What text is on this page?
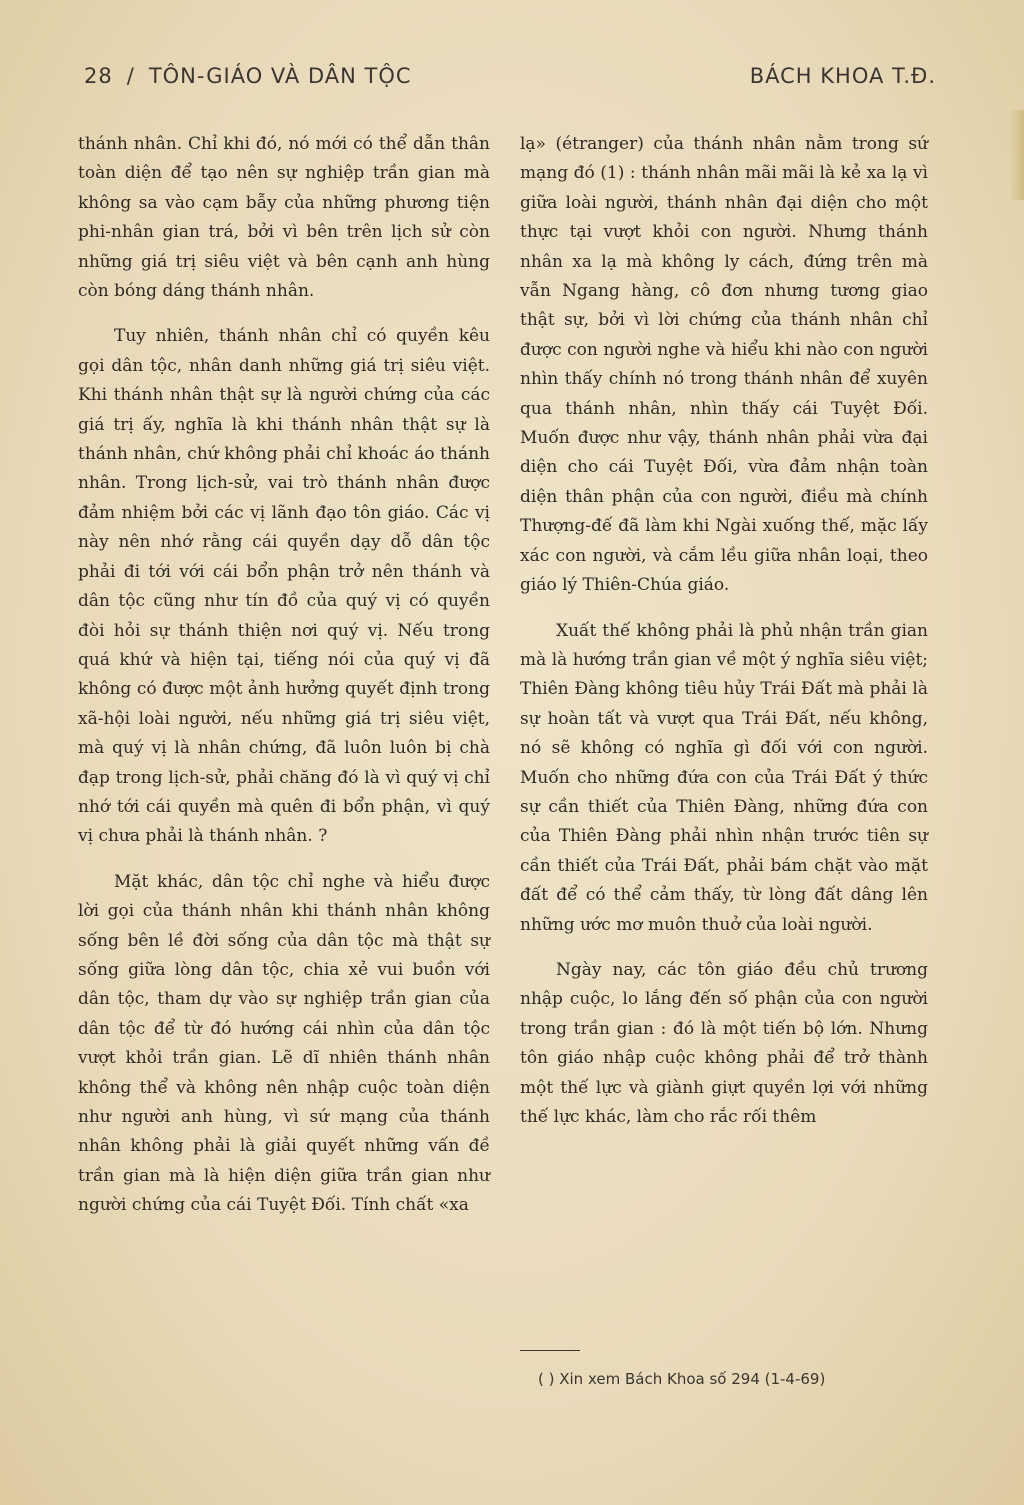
28 / TÔN-GIÁO VÀ DÂN TỘC	BÁCH KHOA T.Đ.

thánh nhân. Chỉ khi đó, nó mới có thể dẫn thân toàn diện để tạo nên sự nghiệp trần gian mà không sa vào cạm bẫy của những phương tiện phi-nhân gian trá, bởi vì bên trên lịch sử còn những giá trị siêu việt và bên cạnh anh hùng còn bóng dáng thánh nhân.

Tuy nhiên, thánh nhân chỉ có quyền kêu gọi dân tộc, nhân danh những giá trị siêu việt. Khi thánh nhân thật sự là người chứng của các giá trị ấy, nghĩa là khi thánh nhân thật sự là thánh nhân, chứ không phải chỉ khoác áo thánh nhân. Trong lịch-sử, vai trò thánh nhân được đảm nhiệm bởi các vị lãnh đạo tôn giáo. Các vị này nên nhớ rằng cái quyền dạy dỗ dân tộc phải đi tới với cái bổn phận trở nên thánh và dân tộc cũng như tín đồ của quý vị có quyền đòi hỏi sự thánh thiện nơi quý vị. Nếu trong quá khứ và hiện tại, tiếng nói của quý vị đã không có được một ảnh hưởng quyết định trong xã-hội loài người, nếu những giá trị siêu việt, mà quý vị là nhân chứng, đã luôn luôn bị chà đạp trong lịch-sử, phải chăng đó là vì quý vị chỉ nhớ tới cái quyền mà quên đi bổn phận, vì quý vị chưa phải là thánh nhân. ?

Mặt khác, dân tộc chỉ nghe và hiểu được lời gọi của thánh nhân khi thánh nhân không sống bên lề đời sống của dân tộc mà thật sự sống giữa lòng dân tộc, chia xẻ vui buồn với dân tộc, tham dự vào sự nghiệp trần gian của dân tộc để từ đó hướng cái nhìn của dân tộc vượt khỏi trần gian. Lẽ dĩ nhiên thánh nhân không thể và không nên nhập cuộc toàn diện như người anh hùng, vì sứ mạng của thánh nhân không phải là giải quyết những vấn đề trần gian mà là hiện diện giữa trần gian như người chứng của cái Tuyệt Đối. Tính chất «xa

lạ» (étranger) của thánh nhân nằm trong sứ mạng đó (1) : thánh nhân mãi mãi là kẻ xa lạ vì giữa loài người, thánh nhân đại diện cho một thực tại vượt khỏi con người. Nhưng thánh nhân xa lạ mà không ly cách, đứng trên mà vẫn Ngang hàng, cô đơn nhưng tương giao thật sự, bởi vì lời chứng của thánh nhân chỉ được con người nghe và hiểu khi nào con người nhìn thấy chính nó trong thánh nhân để xuyên qua thánh nhân, nhìn thấy cái Tuyệt Đối. Muốn được như vậy, thánh nhân phải vừa đại diện cho cái Tuyệt Đối, vừa đảm nhận toàn diện thân phận của con người, điều mà chính Thượng-đế đã làm khi Ngài xuống thế, mặc lấy xác con người, và cắm lều giữa nhân loại, theo giáo lý Thiên-Chúa giáo.

Xuất thế không phải là phủ nhận trần gian mà là hướng trần gian về một ý nghĩa siêu việt; Thiên Đàng không tiêu hủy Trái Đất mà phải là sự hoàn tất và vượt qua Trái Đất, nếu không, nó sẽ không có nghĩa gì đối với con người. Muốn cho những đứa con của Trái Đất ý thức sự cần thiết của Thiên Đàng, những đứa con của Thiên Đàng phải nhìn nhận trước tiên sự cần thiết của Trái Đất, phải bám chặt vào mặt đất để có thể cảm thấy, từ lòng đất dâng lên những ước mơ muôn thuở của loài người.

Ngày nay, các tôn giáo đều chủ trương nhập cuộc, lo lắng đến số phận của con người trong trần gian : đó là một tiến bộ lớn. Nhưng tôn giáo nhập cuộc không phải để trở thành một thế lực và giành giựt quyền lợi với những thế lực khác, làm cho rắc rối thêm

( ) Xin xem Bách Khoa số 294 (1-4-69)
